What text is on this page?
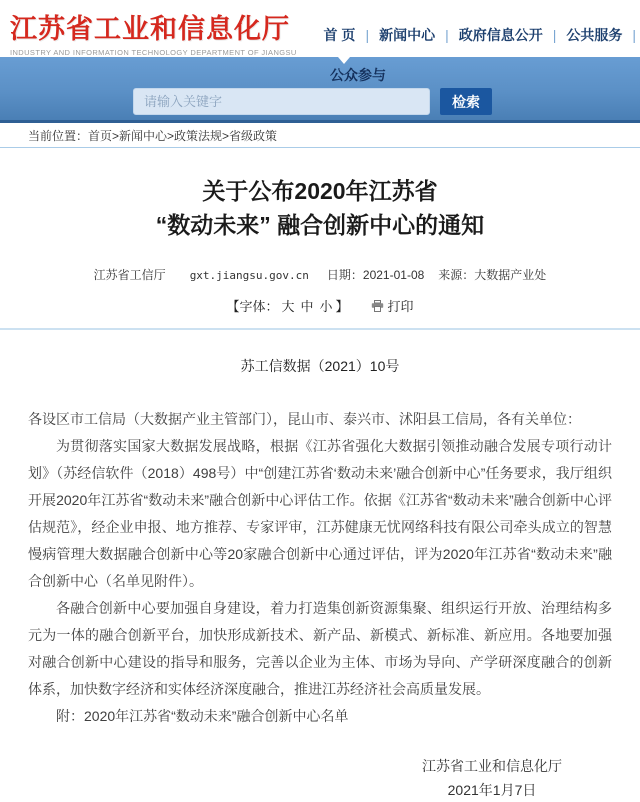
江苏省工业和信息化厅
INDUSTRY AND INFORMATION TECHNOLOGY DEPARTMENT OF JIANGSU
首 页 | 新闻中心 | 政府信息公开 | 公共服务 |
公众参与
请输入关键字
检索
当前位置： 首页>新闻中心>政策法规>省级政策
关于公布2020年江苏省
“数动未来” 融合创新中心的通知
江苏省工信厅 gxt.jiangsu.gov.cn 日期：2021-01-08 来源：大数据产业处
【字体： 大 中 小 】	打印
苏工信数据（2021）10号

各设区市工信局（大数据产业主管部门），昆山市、泰兴市、沭阳县工信局，各有关单位：

为贯彻落实国家大数据发展战略，根据《江苏省强化大数据引领推动融合发展专项行动计划》（苏经信软件（2018）498号）中“创建江苏省‘数动未来’融合创新中心”任务要求，我厅组织开展2020年江苏省“数动未来”融合创新中心评估工作。依据《江苏省“数动未来”融合创新中心评估规范》，经企业申报、地方推荐、专家评审，江苏健康无忧网络科技有限公司牵头成立的智慧慢病管理大数据融合创新中心等20家融合创新中心通过评估，评为2020年江苏省“数动未来”融合创新中心（名单见附件）。

各融合创新中心要加强自身建设，着力打造集创新资源集聚、组织运行开放、治理结构多元为一体的融合创新平台，加快形成新技术、新产品、新模式、新标准、新应用。各地要加强对融合创新中心建设的指导和服务，完善以企业为主体、市场为导向、产学研深度融合的创新体系，加快数字经济和实体经济深度融合，推进江苏经济社会高质量发展。

附：2020年江苏省“数动未来”融合创新中心名单

江苏省工业和信息化厅
2021年1月7日
